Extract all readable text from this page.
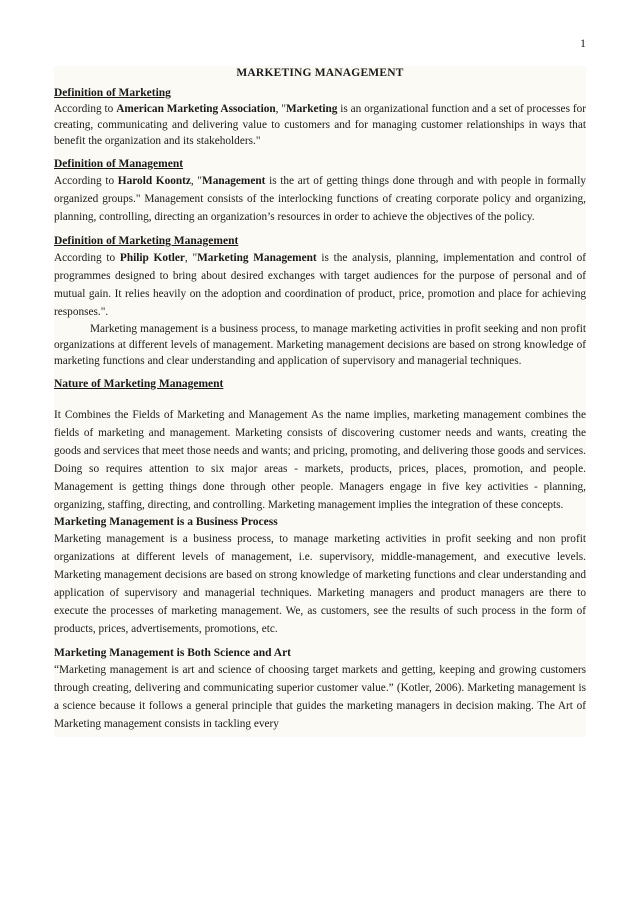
1
MARKETING MANAGEMENT
Definition of Marketing

According to American Marketing Association, "Marketing is an organizational function and a set of processes for creating, communicating and delivering value to customers and for managing customer relationships in ways that benefit the organization and its stakeholders."

Definition of Management

According to Harold Koontz, "Management is the art of getting things done through and with people in formally organized groups." Management consists of the interlocking functions of creating corporate policy and organizing, planning, controlling, directing an organization’s resources in order to achieve the objectives of the policy.

Definition of Marketing Management

According to Philip Kotler, "Marketing Management is the analysis, planning, implementation and control of programmes designed to bring about desired exchanges with target audiences for the purpose of personal and of mutual gain. It relies heavily on the adoption and coordination of product, price, promotion and place for achieving responses.".

Marketing management is a business process, to manage marketing activities in profit seeking and non profit organizations at different levels of management. Marketing management decisions are based on strong knowledge of marketing functions and clear understanding and application of supervisory and managerial techniques.

Nature of Marketing Management

It Combines the Fields of Marketing and Management As the name implies, marketing management combines the fields of marketing and management. Marketing consists of discovering customer needs and wants, creating the goods and services that meet those needs and wants; and pricing, promoting, and delivering those goods and services. Doing so requires attention to six major areas - markets, products, prices, places, promotion, and people. Management is getting things done through other people. Managers engage in five key activities - planning, organizing, staffing, directing, and controlling. Marketing management implies the integration of these concepts.

Marketing Management is a Business Process

Marketing management is a business process, to manage marketing activities in profit seeking and non profit organizations at different levels of management, i.e. supervisory, middle-management, and executive levels. Marketing management decisions are based on strong knowledge of marketing functions and clear understanding and application of supervisory and managerial techniques. Marketing managers and product managers are there to execute the processes of marketing management. We, as customers, see the results of such process in the form of products, prices, advertisements, promotions, etc.

Marketing Management is Both Science and Art

“Marketing management is art and science of choosing target markets and getting, keeping and growing customers through creating, delivering and communicating superior customer value.” (Kotler, 2006). Marketing management is a science because it follows a general principle that guides the marketing managers in decision making. The Art of Marketing management consists in tackling every
